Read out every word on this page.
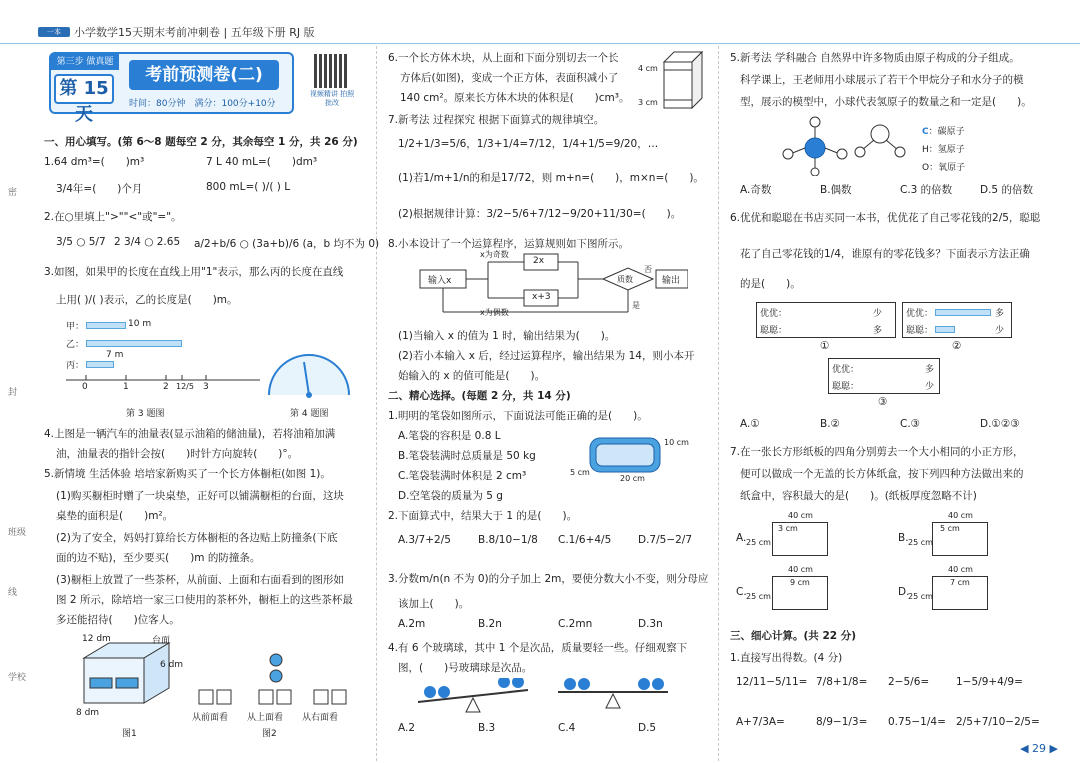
一本	小学数学15天期末考前冲刺卷 | 五年级下册 RJ 版
密
封
班级
线
学校
第三步 做真题
第 15 天
考前预测卷(二)
时间：80分钟　 满分：100分+10分
视频精讲 拍照批改
一、用心填写。(第 6～8 题每空 2 分，其余每空 1 分，共 26 分)
1.64 dm³=(　　)m³	7 L 40 mL=(　　)dm³
3/4年=(　　)个月	800 mL=( )/( ) L
2.在○里填上">""<"或"="。
3/5 ○ 5/7 2 3/4 ○ 2.65 a/2+b/6 ○ (3a+b)/6 (a，b 均不为 0)
3.如图，如果甲的长度在直线上用"1"表示，那么丙的长度在直线
上用( )/( )表示，乙的长度是(　　)m。
甲：	10 m
乙：
7 m
丙：
0	1	2 12/5 3
第 3 题图	第 4 题图
4.上图是一辆汽车的油量表(显示油箱的储油量)，若将油箱加满
油，油量表的指针会按(　　)时针方向旋转(　　)°。
5.新情境 生活体验 培培家新购买了一个长方体橱柜(如图 1)。
(1)购买橱柜时赠了一块桌垫，正好可以铺满橱柜的台面，这块
桌垫的面积是(　　)m²。
(2)为了安全，妈妈打算给长方体橱柜的各边贴上防撞条(下底
面的边不贴)，至少要买(　　)m 的防撞条。
(3)橱柜上放置了一些茶杯，从前面、上面和右面看到的图形如
图 2 所示，除培培一家三口使用的茶杯外，橱柜上的这些茶杯最
多还能招待(　　)位客人。
12 dm	台面
6 dm
8 dm	从前面看 从上面看 从右面看
图1	图2
6.一个长方体木块，从上面和下面分别切去一个长
方体后(如图)，变成一个正方体，表面积减小了
140 cm²。原来长方体木块的体积是(　　)cm³。
4 cm
3 cm
7.新考法 过程探究 根据下面算式的规律填空。
1/2+1/3=5/6，1/3+1/4=7/12，1/4+1/5=9/20，…
(1)若1/m+1/n的和是17/72，则 m+n=(　　)，m×n=(　　)。
(2)根据规律计算：3/2−5/6+7/12−9/20+11/30=(　　)。
8.小本设计了一个运算程序，运算规则如下图所示。
输入x
x为奇数
2x
x+3
x为偶数
质数
否
输出
是
(1)当输入 x 的值为 1 时，输出结果为(　　)。
(2)若小本输入 x 后，经过运算程序，输出结果为 14，则小本开
始输入的 x 的值可能是(　　)。
二、精心选择。(每题 2 分，共 14 分)
1.明明的笔袋如图所示，下面说法可能正确的是(　　)。
A.笔袋的容积是 0.8 L
B.笔袋装满时总质量是 50 kg
C.笔袋装满时体积是 2 cm³
D.空笔袋的质量为 5 g
10 cm
5 cm
20 cm
2.下面算式中，结果大于 1 的是(　　)。
A.3/7+2/5	B.8/10−1/8 C.1/6+4/5	D.7/5−2/7
3.分数m/n(n 不为 0)的分子加上 2m，要使分数大小不变，则分母应
该加上(　　)。
A.2m	B.2n	C.2mn	D.3n
4.有 6 个玻璃球，其中 1 个是次品，质量要轻一些。仔细观察下
图，(　　)号玻璃球是次品。
A.2	B.3	C.4	D.5
5.新考法 学科融合 自然界中许多物质由原子构成的分子组成。
科学课上，王老师用小球展示了若干个甲烷分子和水分子的模
型，展示的模型中，小球代表氢原子的数量之和一定是(　　)。
C：碳原子
H：氢原子
O：氧原子
A.奇数	B.偶数	C.3 的倍数	D.5 的倍数
6.优优和聪聪在书店买同一本书，优优花了自己零花钱的2/5，聪聪
花了自己零花钱的1/4，谁原有的零花钱多？下面表示方法正确
的是(　　)。
优优：	少
聪聪：	多
优优：	多
聪聪：	少
①	②
优优：	多
聪聪：	少
③
A.①	B.②	C.③	D.①②③
7.在一张长方形纸板的四角分别剪去一个大小相同的小正方形，
便可以做成一个无盖的长方体纸盒，按下列四种方法做出来的
纸盒中，容积最大的是(　　)。(纸板厚度忽略不计)
A.
40 cm
25 cm
3 cm
B.
40 cm
25 cm
5 cm
C.
40 cm
25 cm
9 cm
D.
40 cm
25 cm
7 cm
三、细心计算。(共 22 分)
1.直接写出得数。(4 分)
12/11−5/11= 7/8+1/8= 2−5/6=	1−5/9+4/9=
A+7/3A=	8/9−1/3= 0.75−1/4= 2/5+7/10−2/5=
◀ 29 ▶
